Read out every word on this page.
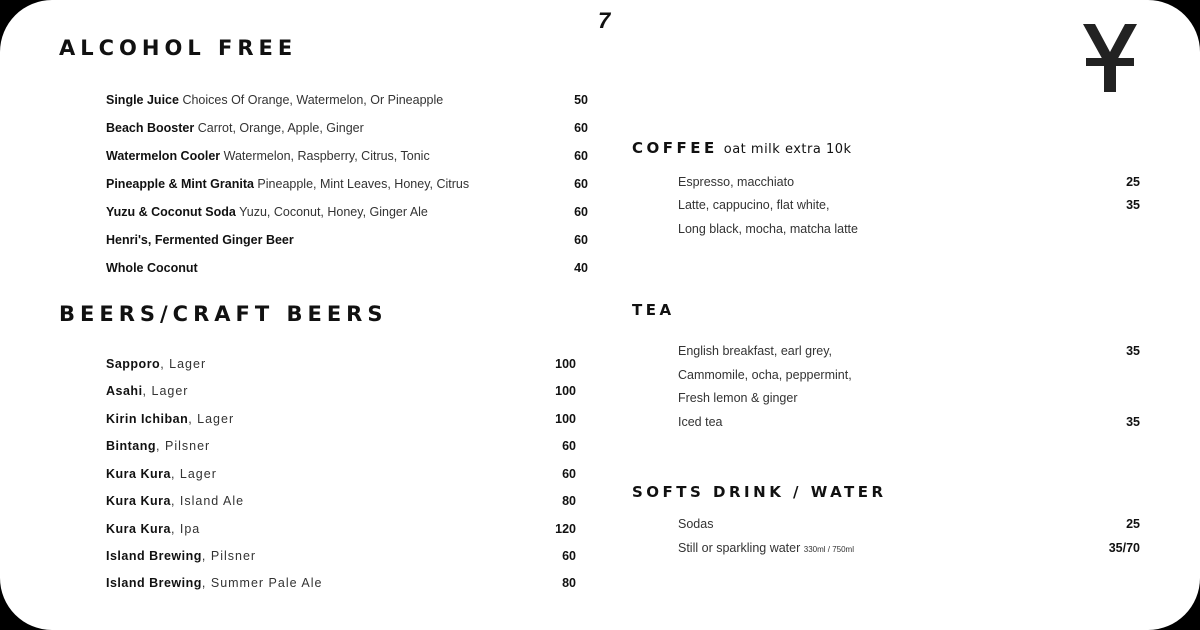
7
ALCOHOL FREE
Single Juice Choices Of Orange, Watermelon, Or Pineapple	50
Beach Booster Carrot, Orange, Apple, Ginger	60
Watermelon Cooler Watermelon, Raspberry, Citrus, Tonic	60
Pineapple & Mint Granita Pineapple, Mint Leaves, Honey, Citrus	60
Yuzu & Coconut Soda Yuzu, Coconut, Honey, Ginger Ale	60
Henri's, Fermented Ginger Beer	60
Whole Coconut	40
BEERS/CRAFT BEERS
Sapporo, Lager	100
Asahi, Lager	100
Kirin Ichiban, Lager	100
Bintang, Pilsner	60
Kura Kura, Lager	60
Kura Kura, Island Ale	80
Kura Kura, Ipa	120
Island Brewing, Pilsner	60
Island Brewing, Summer Pale Ale	80
COFFEE oat milk extra 10k
Espresso, macchiato	25
Latte, cappucino, flat white,	35
Long black, mocha, matcha latte
TEA
English breakfast, earl grey,	35
Cammomile, ocha, peppermint,
Fresh lemon & ginger
Iced tea	35
SOFTS DRINK / WATER
Sodas	25
Still or sparkling water 330ml / 750ml	35/70
